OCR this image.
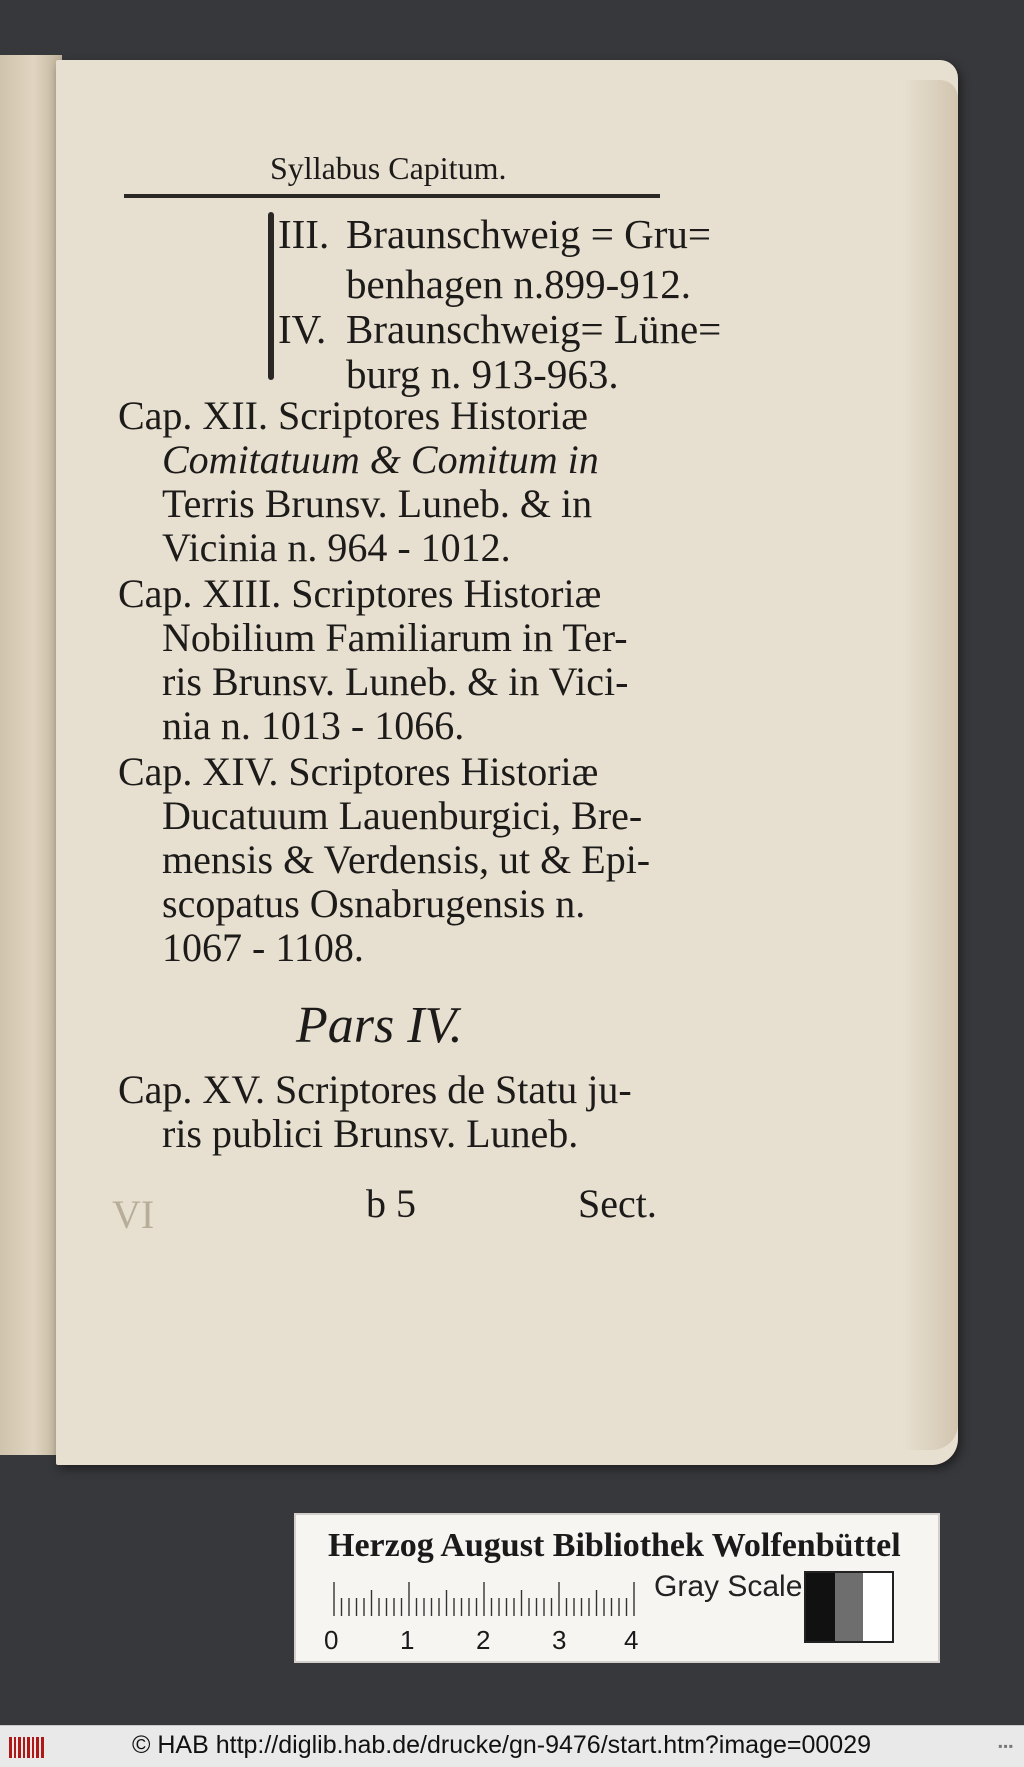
VI
Syllabus Capitum.
III. Braunschweig = Gru=
benhagen n.899-912.
IV. Braunschweig= Lüne=
burg n. 913-963.
Cap. XII. Scriptores Historiæ
Comitatuum & Comitum in
Terris Brunsv. Luneb. & in
Vicinia n. 964 - 1012.
Cap. XIII. Scriptores Historiæ
Nobilium Familiarum in Ter-
ris Brunsv. Luneb. & in Vici-
nia n. 1013 - 1066.
Cap. XIV. Scriptores Historiæ
Ducatuum Lauenburgici, Bre-
mensis & Verdensis, ut & Epi-
scopatus Osnabrugensis n.
1067 - 1108.
Pars IV.
Cap. XV. Scriptores de Statu ju-
ris publici Brunsv. Luneb.
b 5	Sect.
Herzog August Bibliothek Wolfenbüttel
0 1 2 3 4
Gray Scale
© HAB http://diglib.hab.de/drucke/gn-9476/start.htm?image=00029	▪▪▪
